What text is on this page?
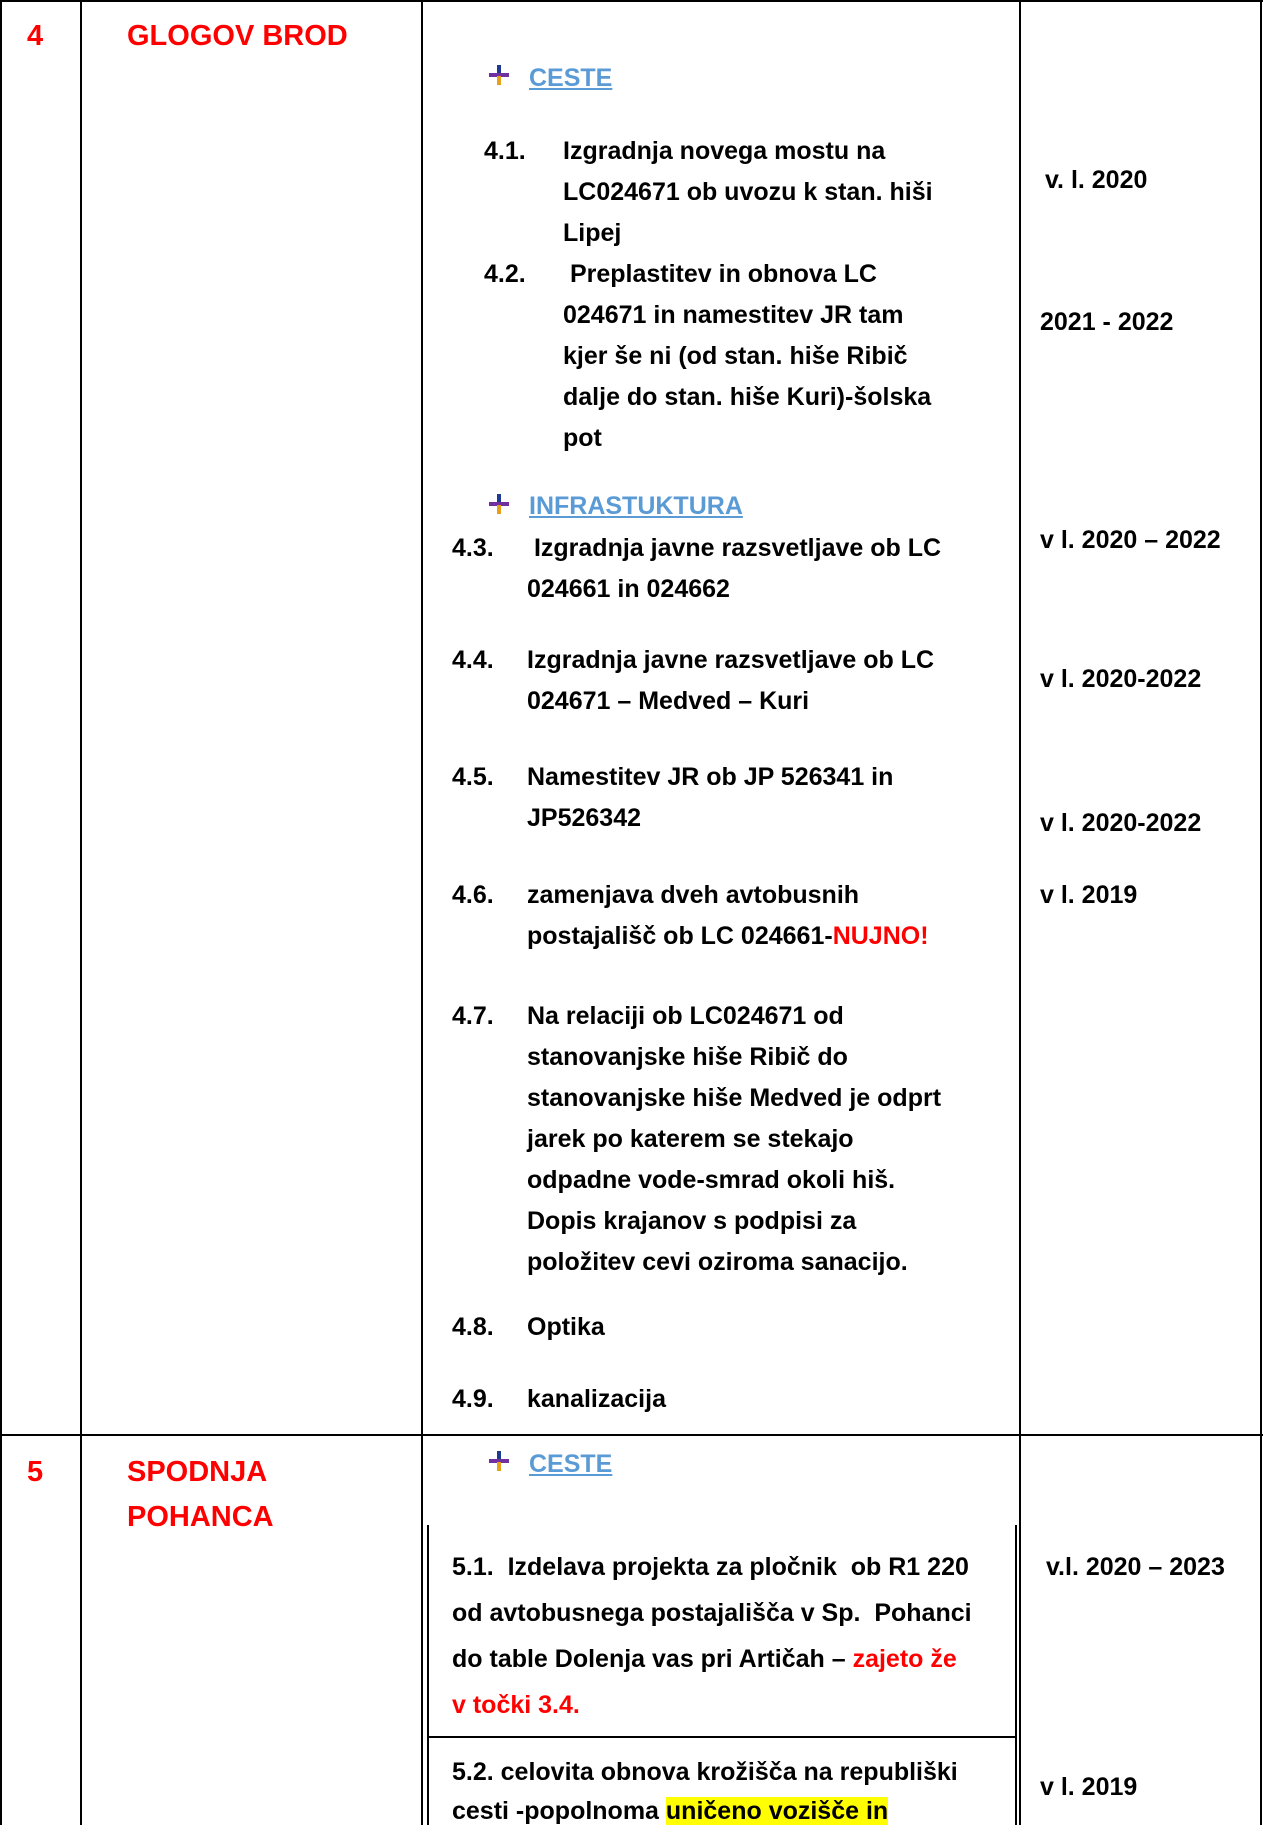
4	GLOGOV BROD
CESTE
4.1. Izgradnja novega mostu na
LC024671 ob uvozu k stan. hiši
Lipej
v. l. 2020
4.2. Preplastitev in obnova LC
024671 in namestitev JR tam
kjer še ni (od stan. hiše Ribič
dalje do stan. hiše Kuri)-šolska
pot
2021 - 2022
INFRASTUKTURA
4.3. Izgradnja javne razsvetljave ob LC
024661 in 024662
v l. 2020 – 2022
4.4. Izgradnja javne razsvetljave ob LC
024671 – Medved – Kuri
v l. 2020-2022
4.5. Namestitev JR ob JP 526341 in
JP526342	v l. 2020-2022
4.6. zamenjava dveh avtobusnih
postajališč ob LC 024661-NUJNO!
v l. 2019
4.7. Na relaciji ob LC024671 od
stanovanjske hiše Ribič do
stanovanjske hiše Medved je odprt
jarek po katerem se stekajo
odpadne vode-smrad okoli hiš.
Dopis krajanov s podpisi za
položitev cevi oziroma sanacijo.
4.8. Optika
4.9. kanalizacija
5	SPODNJA
POHANCA
CESTE
5.1.  Izdelava projekta za pločnik  ob R1 220
od avtobusnega postajališča v Sp.  Pohanci
do table Dolenja vas pri Artičah – zajeto že
v točki 3.4.
v.l. 2020 – 2023
5.2. celovita obnova krožišča na republiški
cesti -popolnoma uničeno vozišče in
v l. 2019
